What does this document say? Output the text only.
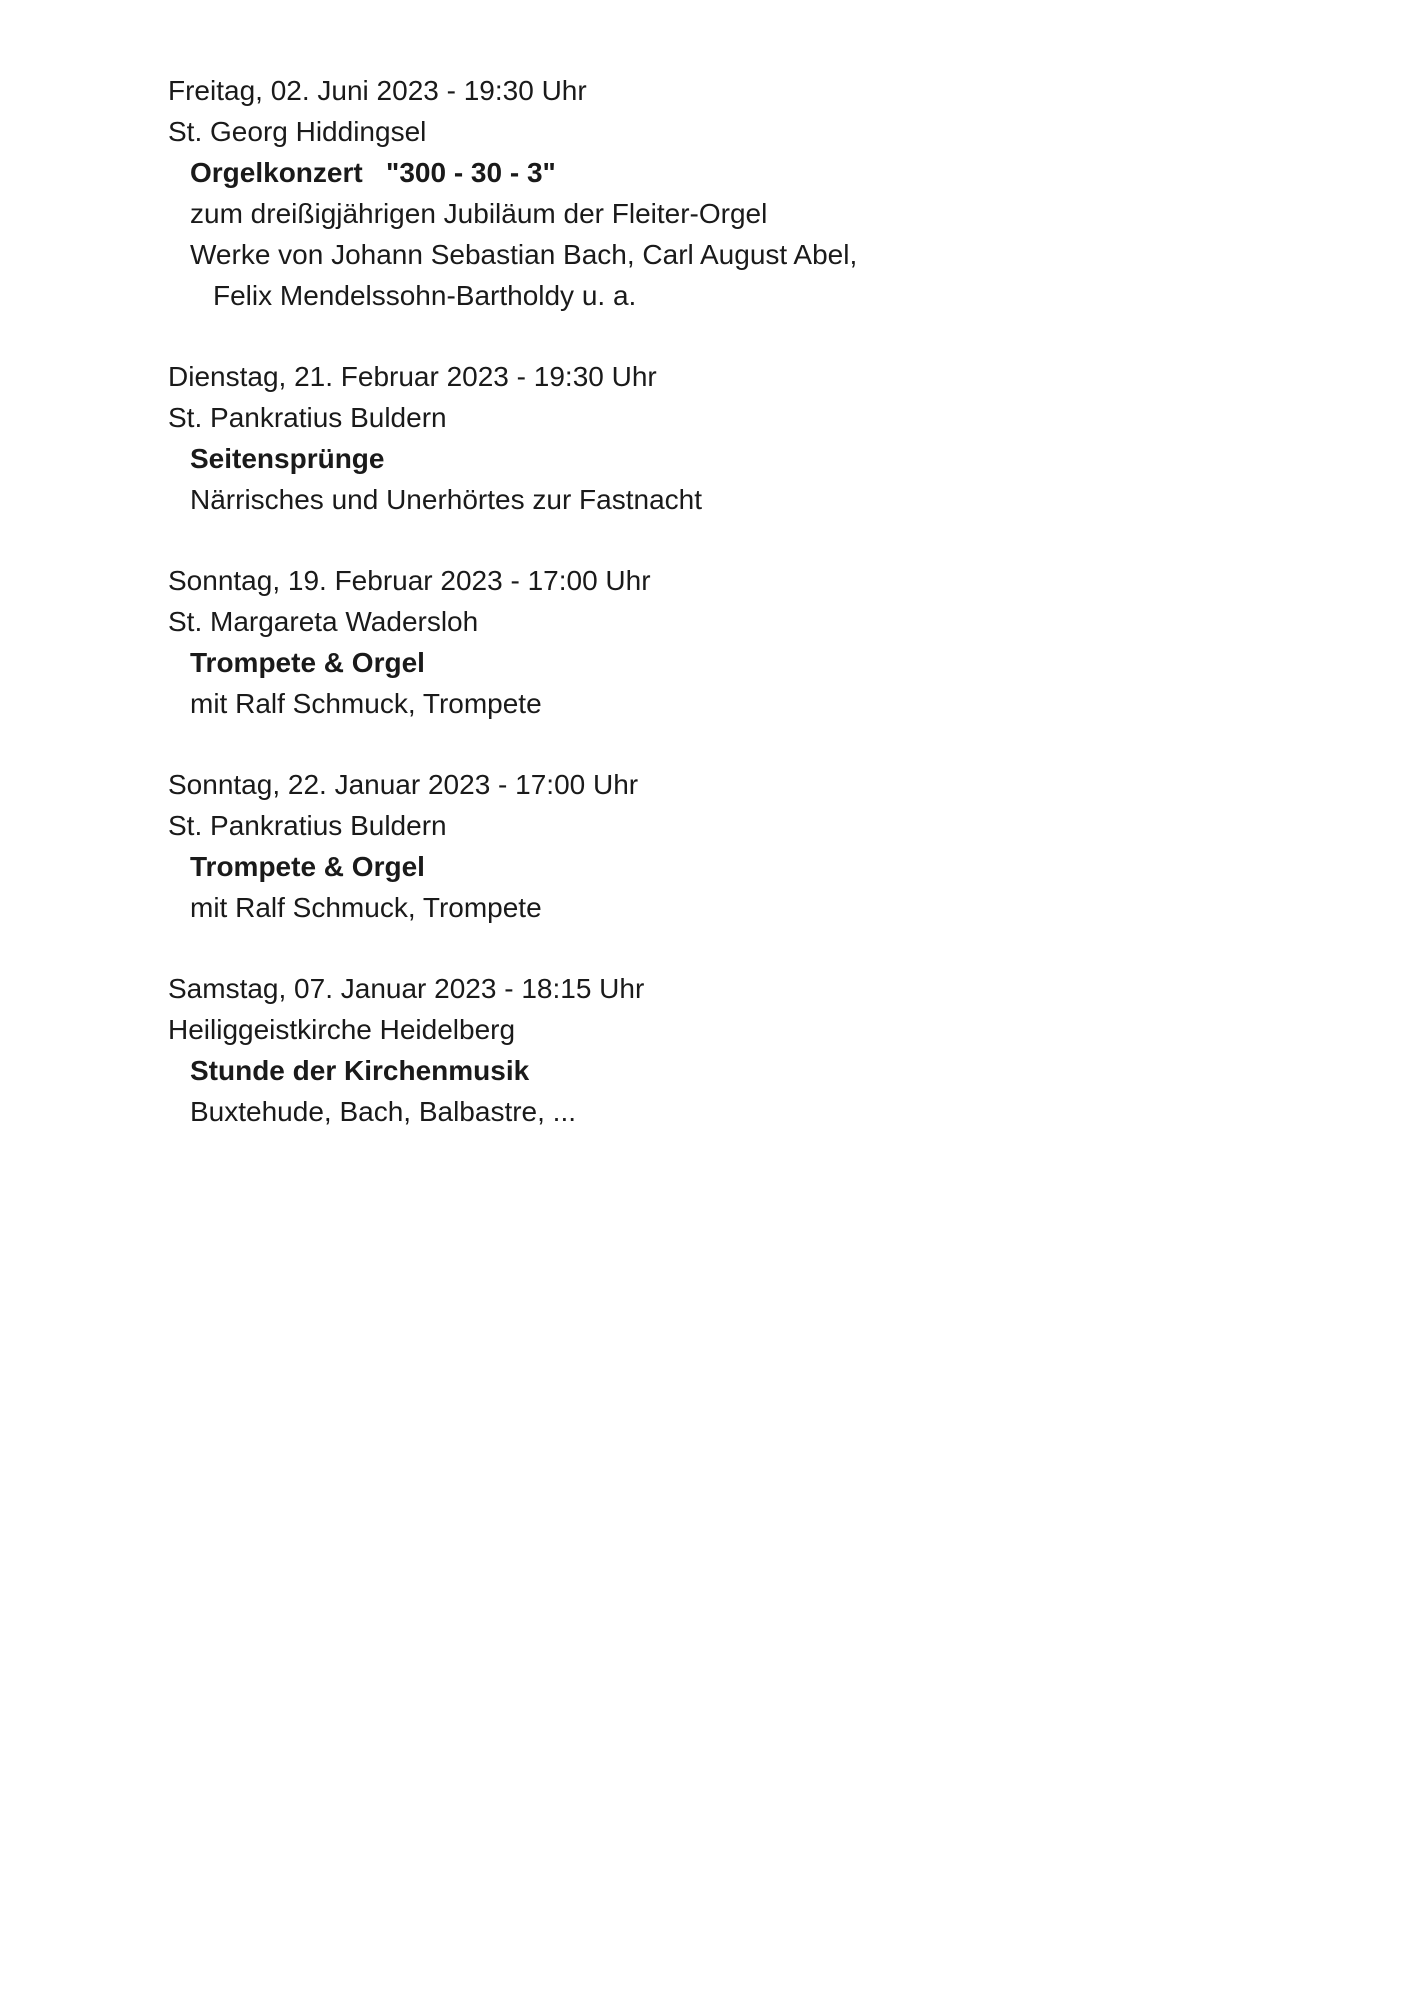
Freitag, 02. Juni 2023 - 19:30 Uhr
St. Georg Hiddingsel
Orgelkonzert   "300 - 30 - 3"
zum dreißigjährigen Jubiläum der Fleiter-Orgel
Werke von Johann Sebastian Bach, Carl August Abel,
Felix Mendelssohn-Bartholdy u. a.
Dienstag, 21. Februar 2023 - 19:30 Uhr
St. Pankratius Buldern
Seitensprünge
Närrisches und Unerhörtes zur Fastnacht
Sonntag, 19. Februar 2023 - 17:00 Uhr
St. Margareta Wadersloh
Trompete & Orgel
mit Ralf Schmuck, Trompete
Sonntag, 22. Januar 2023 - 17:00 Uhr
St. Pankratius Buldern
Trompete & Orgel
mit Ralf Schmuck, Trompete
Samstag, 07. Januar 2023 - 18:15 Uhr
Heiliggeistkirche Heidelberg
Stunde der Kirchenmusik
Buxtehude, Bach, Balbastre, ...
